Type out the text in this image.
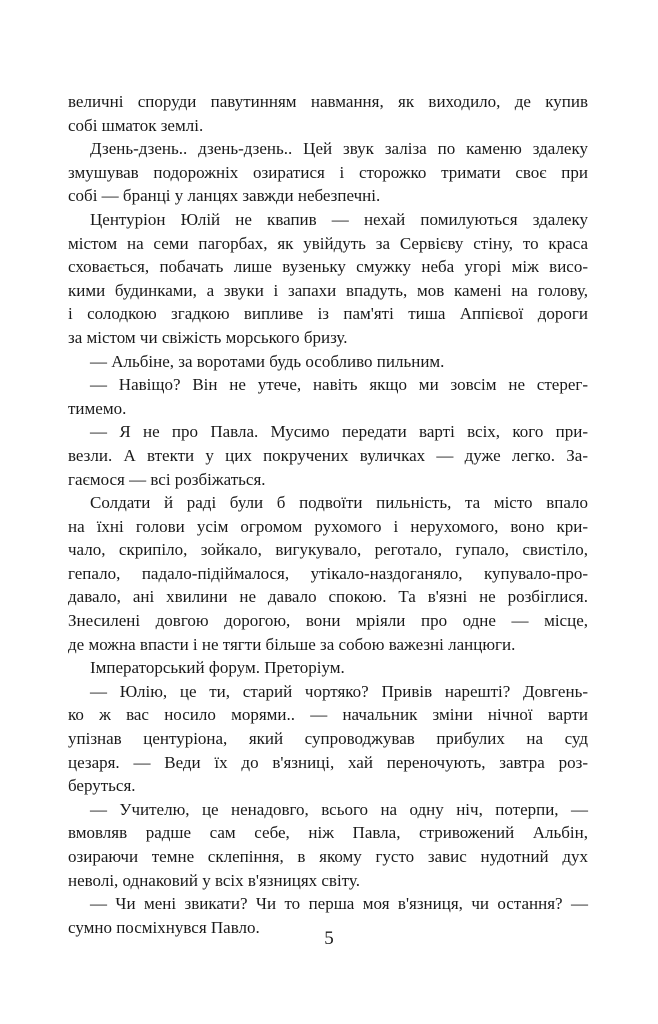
величні споруди павутинням навмання, як виходило, де купив
собі шматок землі.
Дзень-дзень.. дзень-дзень.. Цей звук заліза по каменю здалеку
змушував подорожніх озиратися і сторожко тримати своє при
собі — бранці у ланцях завжди небезпечні.
Центуріон Юлій не квапив — нехай помилуються здалеку
містом на семи пагорбах, як увійдуть за Сервієву стіну, то краса
сховається, побачать лише вузеньку смужку неба угорі між висо-
кими будинками, а звуки і запахи впадуть, мов камені на голову,
і солодкою згадкою випливе із пам'яті тиша Аппієвої дороги
за містом чи свіжість морського бризу.
— Альбіне, за воротами будь особливо пильним.
— Навіщо? Він не утече, навіть якщо ми зовсім не стерег-
тимемо.
— Я не про Павла. Мусимо передати варті всіх, кого при-
везли. А втекти у цих покручених вуличках — дуже легко. За-
гаємося — всі розбіжаться.
Солдати й раді були б подвоїти пильність, та місто впало
на їхні голови усім огромом рухомого і нерухомого, воно кри-
чало, скрипіло, зойкало, вигукувало, реготало, гупало, свистіло,
гепало, падало-підіймалося, утікало-наздоганяло, купувало-про-
давало, ані хвилини не давало спокою. Та в'язні не розбіглися.
Знесилені довгою дорогою, вони мріяли про одне — місце,
де можна впасти і не тягти більше за собою важезні ланцюги.
Імператорський форум. Преторіум.
— Юлію, це ти, старий чортяко? Привів нарешті? Довгень-
ко ж вас носило морями.. — начальник зміни нічної варти
упізнав центуріона, який супроводжував прибулих на суд
цезаря. — Веди їх до в'язниці, хай переночують, завтра роз-
беруться.
— Учителю, це ненадовго, всього на одну ніч, потерпи, —
вмовляв радше сам себе, ніж Павла, стривожений Альбін,
озираючи темне склепіння, в якому густо завис нудотний дух
неволі, однаковий у всіх в'язницях світу.
— Чи мені звикати? Чи то перша моя в'язниця, чи остання? —
сумно посміхнувся Павло.
5
